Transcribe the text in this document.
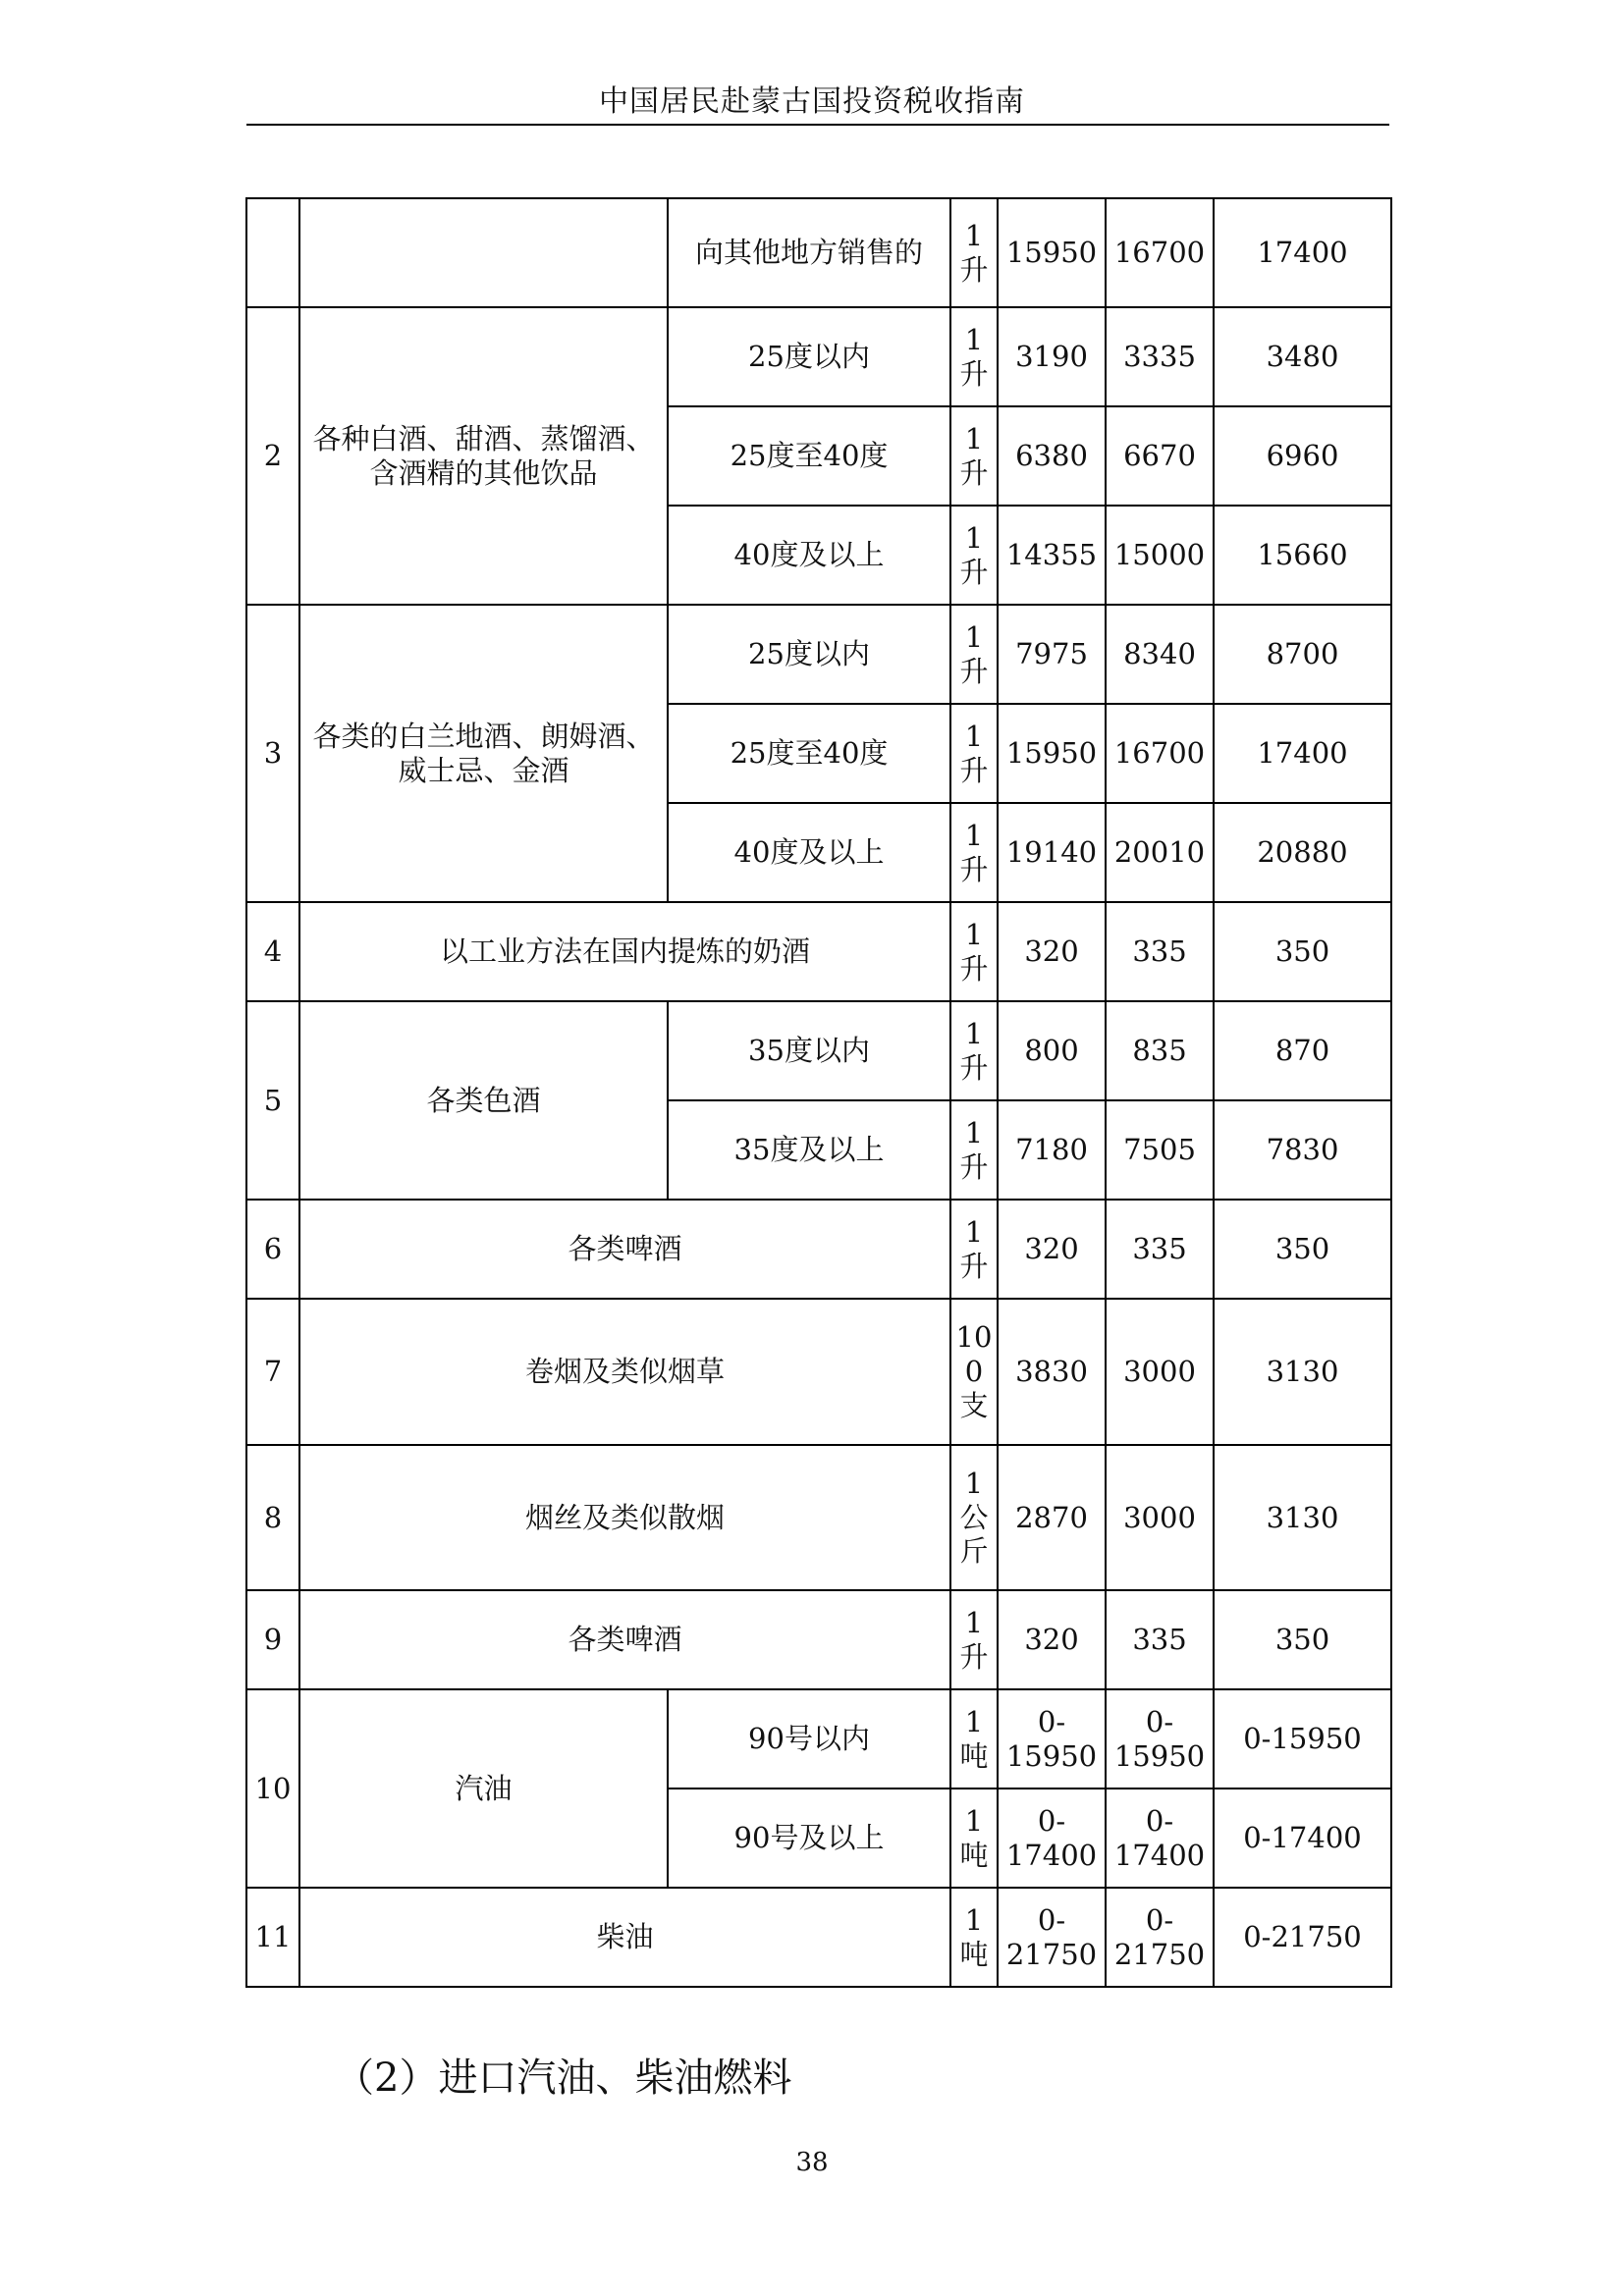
中国居民赴蒙古国投资税收指南
		向其他地方销售的	1升	15950	16700	17400
2	各种白酒、甜酒、蒸馏酒、含酒精的其他饮品	25度以内	1升	3190	3335	3480
		25度至40度	1升	6380	6670	6960
		40度及以上	1升	14355	15000	15660
3	各类的白兰地酒、朗姆酒、威士忌、金酒	25度以内	1升	7975	8340	8700
		25度至40度	1升	15950	16700	17400
		40度及以上	1升	19140	20010	20880
4	以工业方法在国内提炼的奶酒		1升	320	335	350
5	各类色酒	35度以内	1升	800	835	870
		35度及以上	1升	7180	7505	7830
6	各类啤酒		1升	320	335	350
7	卷烟及类似烟草		100支	3830	3000	3130
8	烟丝及类似散烟		1公斤	2870	3000	3130
9	各类啤酒		1升	320	335	350
10	汽油	90号以内	1吨	0-15950	0-15950	0-15950
		90号及以上	1吨	0-17400	0-17400	0-17400
11	柴油		1吨	0-21750	0-21750	0-21750
（2）进口汽油、柴油燃料
38
